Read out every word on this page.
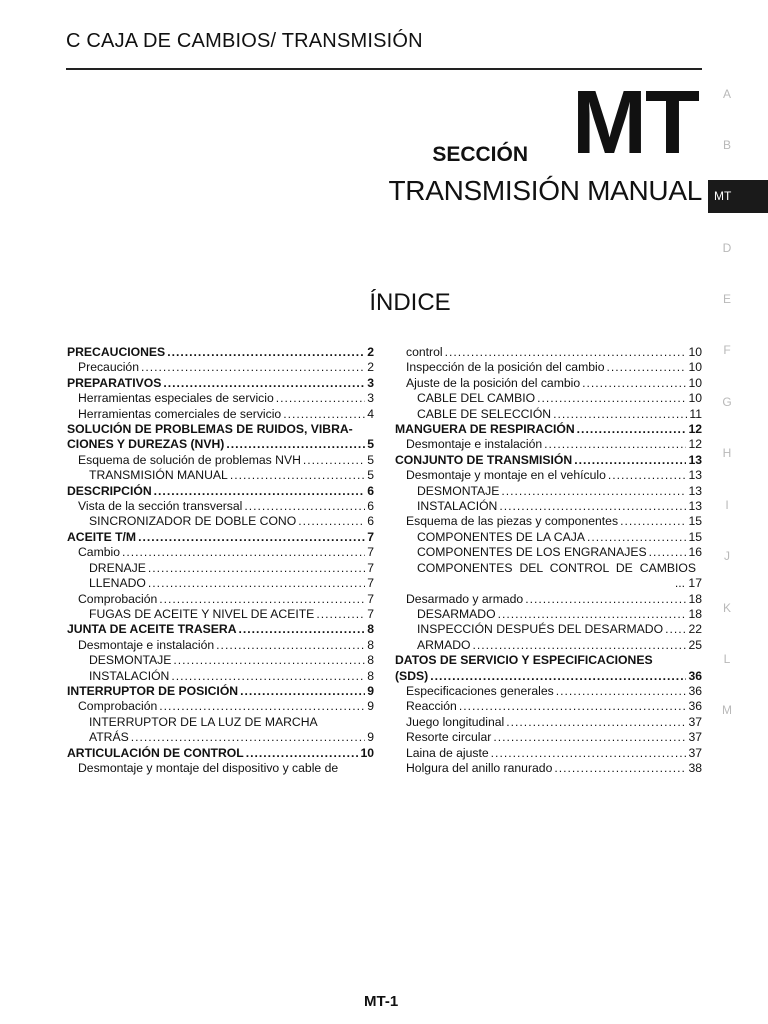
C CAJA DE CAMBIOS/ TRANSMISIÓN
SECCIÓN MT
TRANSMISIÓN MANUAL
ÍNDICE
PRECAUCIONES .....	2
Precaución .....	2
PREPARATIVOS .....	3
Herramientas especiales de servicio .....	3
Herramientas comerciales de servicio .....	4
SOLUCIÓN DE PROBLEMAS DE RUIDOS, VIBRA-
CIONES Y DUREZAS (NVH) .....	5
Esquema de solución de problemas NVH .....	5
TRANSMISIÓN MANUAL .....	5
DESCRIPCIÓN .....	6
Vista de la sección transversal .....	6
SINCRONIZADOR DE DOBLE CONO .....	6
ACEITE T/M .....	7
Cambio .....	7
DRENAJE .....	7
LLENADO .....	7
Comprobación .....	7
FUGAS DE ACEITE Y NIVEL DE ACEITE .....	7
JUNTA DE ACEITE TRASERA .....	8
Desmontaje e instalación .....	8
DESMONTAJE .....	8
INSTALACIÓN .....	8
INTERRUPTOR DE POSICIÓN .....	9
Comprobación .....	9
INTERRUPTOR DE LA LUZ DE MARCHA
ATRÁS .....	9
ARTICULACIÓN DE CONTROL .....	10
Desmontaje y montaje del dispositivo y cable de
control .....	10
Inspección de la posición del cambio .....	10
Ajuste de la posición del cambio .....	10
CABLE DEL CAMBIO .....	10
CABLE DE SELECCIÓN .....	11
MANGUERA DE RESPIRACIÓN .....	12
Desmontaje e instalación .....	12
CONJUNTO DE TRANSMISIÓN .....	13
Desmontaje y montaje en el vehículo .....	13
DESMONTAJE .....	13
INSTALACIÓN .....	13
Esquema de las piezas y componentes .....	15
COMPONENTES DE LA CAJA .....	15
COMPONENTES DE LOS ENGRANAJES .....	16
COMPONENTES DEL CONTROL DE CAMBIOS
... 17
Desarmado y armado .....	18
DESARMADO .....	18
INSPECCIÓN DESPUÉS DEL DESARMADO ..... 22
ARMADO .....	25
DATOS DE SERVICIO Y ESPECIFICACIONES
(SDS) .....	36
Especificaciones generales .....	36
Reacción .....	36
Juego longitudinal .....	37
Resorte circular .....	37
Laina de ajuste .....	37
Holgura del anillo ranurado .....	38
A
B
MT
D
E
F
G
H
I
J
K
L
M
MT-1
